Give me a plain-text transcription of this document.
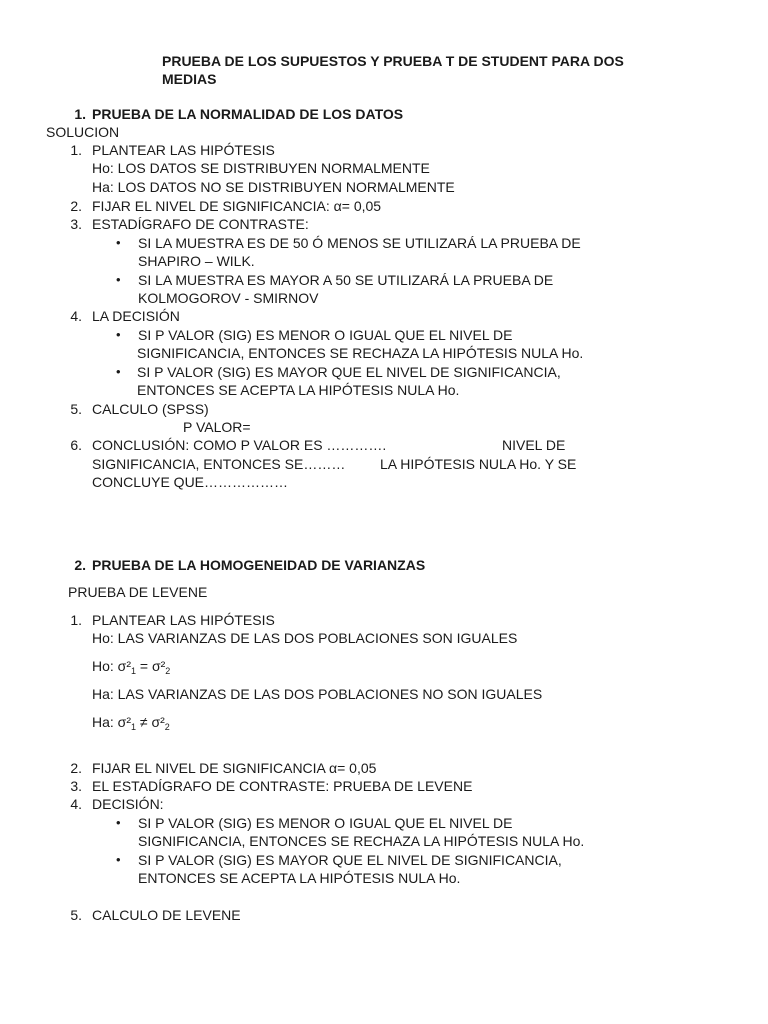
PRUEBA DE LOS SUPUESTOS Y PRUEBA T DE STUDENT PARA DOS MEDIAS
1. PRUEBA DE LA NORMALIDAD DE LOS DATOS
SOLUCION
1. PLANTEAR LAS HIPÓTESIS
Ho: LOS DATOS SE DISTRIBUYEN NORMALMENTE
Ha: LOS DATOS NO SE DISTRIBUYEN NORMALMENTE
2. FIJAR EL NIVEL DE SIGNIFICANCIA: α= 0,05
3. ESTADÍGRAFO DE CONTRASTE:
• SI LA MUESTRA ES DE 50 Ó MENOS SE UTILIZARÁ LA PRUEBA DE
SHAPIRO – WILK.
• SI LA MUESTRA ES MAYOR A 50 SE UTILIZARÁ LA PRUEBA DE
KOLMOGOROV - SMIRNOV
4. LA DECISIÓN
• SI P VALOR (SIG) ES MENOR O IGUAL QUE EL NIVEL DE
SIGNIFICANCIA, ENTONCES SE RECHAZA LA HIPÓTESIS NULA Ho.
• SI P VALOR (SIG) ES MAYOR QUE EL NIVEL DE SIGNIFICANCIA,
ENTONCES SE ACEPTA LA HIPÓTESIS NULA Ho.
5. CALCULO (SPSS)
P VALOR=
6. CONCLUSIÓN: COMO P VALOR ES ………….	NIVEL DE
SIGNIFICANCIA, ENTONCES SE……… LA HIPÓTESIS NULA Ho. Y SE
CONCLUYE QUE………………
2. PRUEBA DE LA HOMOGENEIDAD DE VARIANZAS
PRUEBA DE LEVENE
1. PLANTEAR LAS HIPÓTESIS
Ho: LAS VARIANZAS DE LAS DOS POBLACIONES SON IGUALES
Ho: $\sigma^2_1 = \sigma^2_2$
Ha: LAS VARIANZAS DE LAS DOS POBLACIONES NO SON IGUALES
Ha: $\sigma^2_1 \ne \sigma^2_2$
2. FIJAR EL NIVEL DE SIGNIFICANCIA α= 0,05
3. EL ESTADÍGRAFO DE CONTRASTE: PRUEBA DE LEVENE
4. DECISIÓN:
• SI P VALOR (SIG) ES MENOR O IGUAL QUE EL NIVEL DE
SIGNIFICANCIA, ENTONCES SE RECHAZA LA HIPÓTESIS NULA Ho.
• SI P VALOR (SIG) ES MAYOR QUE EL NIVEL DE SIGNIFICANCIA,
ENTONCES SE ACEPTA LA HIPÓTESIS NULA Ho.
5. CALCULO DE LEVENE
